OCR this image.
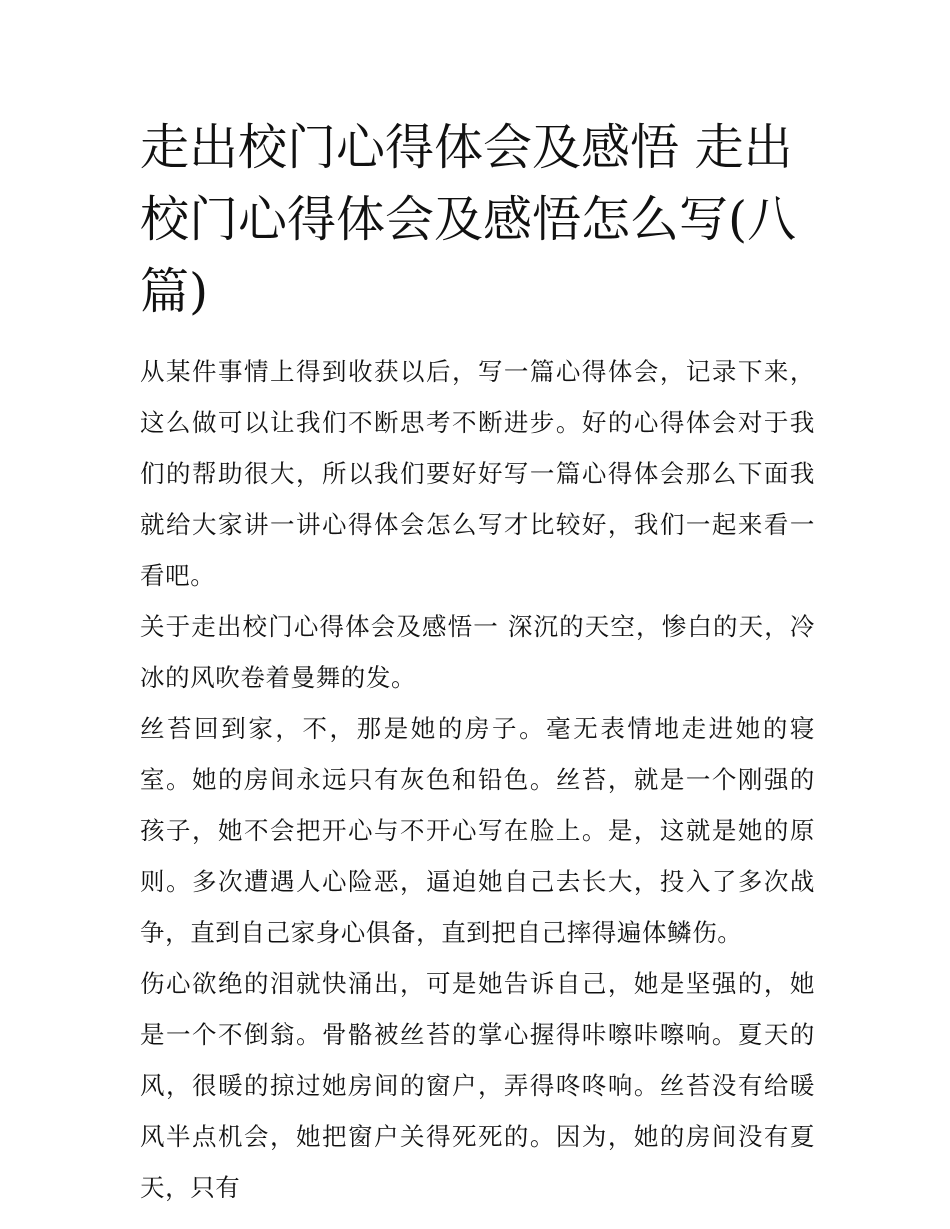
走出校门心得体会及感悟 走出校门心得体会及感悟怎么写(八篇)

从某件事情上得到收获以后，写一篇心得体会，记录下来，这么做可以让我们不断思考不断进步。好的心得体会对于我们的帮助很大，所以我们要好好写一篇心得体会那么下面我就给大家讲一讲心得体会怎么写才比较好，我们一起来看一看吧。

关于走出校门心得体会及感悟一 深沉的天空，惨白的天，冷冰的风吹卷着曼舞的发。

丝苔回到家，不，那是她的房子。毫无表情地走进她的寝室。她的房间永远只有灰色和铅色。丝苔，就是一个刚强的孩子，她不会把开心与不开心写在脸上。是，这就是她的原则。多次遭遇人心险恶，逼迫她自己去长大，投入了多次战争，直到自己家身心俱备，直到把自己摔得遍体鳞伤。

伤心欲绝的泪就快涌出，可是她告诉自己，她是坚强的，她是一个不倒翁。骨骼被丝苔的掌心握得咔嚓咔嚓响。夏天的风，很暖的掠过她房间的窗户，弄得咚咚响。丝苔没有给暖风半点机会，她把窗户关得死死的。因为，她的房间没有夏天，只有
